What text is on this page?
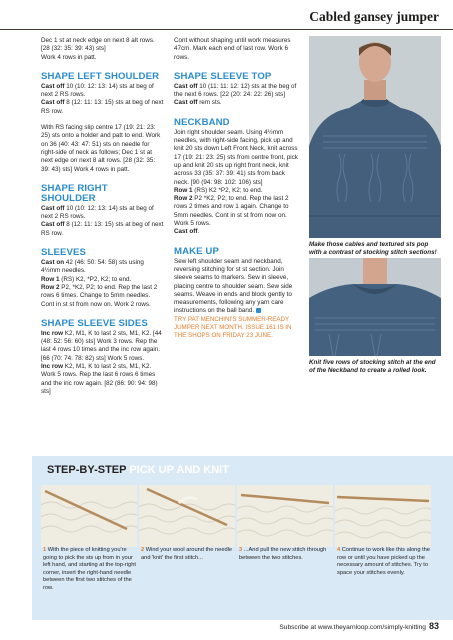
Cabled gansey jumper

Dec 1 st at neck edge on next 8 alt rows. [28 (32: 35: 39: 43) sts]

Work 4 rows in patt.

SHAPE LEFT SHOULDER

Cast off 10 (10: 12: 13: 14) sts at beg of next 2 RS rows.

Cast off 8 (12: 11: 13: 15) sts at beg of next RS row.

With RS facing slip centre 17 (19: 21: 23: 25) sts onto a holder and patt to end. Work on 36 (40: 43: 47: 51) sts on needle for right-side of neck as follows; Dec 1 st at next edge on next 8 alt rows. [28 (32: 35: 39: 43) sts] Work 4 rows in patt.

SHAPE RIGHT SHOULDER

Cast off 10 (10: 12: 13: 14) sts at beg of next 2 RS rows.

Cast off 8 (12: 11: 13: 15) sts at beg of next RS row.

SLEEVES

Cast on 42 (46: 50: 54: 58) sts using 4½mm needles.

Row 1 (RS) K2, *P2, K2; to end.

Row 2 P2, *K2, P2; to end. Rep the last 2 rows 6 times. Change to 5mm needles. Cont in st st from now on. Work 2 rows.

SHAPE SLEEVE SIDES

Inc row K2, M1, K to last 2 sts, M1, K2. [44 (48: 52: 56: 60) sts] Work 3 rows. Rep the last 4 rows 10 times and the inc row again. [66 (70: 74: 78: 82) sts] Work 5 rows.

Inc row K2, M1, K to last 2 sts, M1, K2. Work 5 rows. Rep the last 6 rows 6 times and the inc row again. [82 (86: 90: 94: 98) sts]

Cont without shaping until work measures 47cm. Mark each end of last row. Work 6 rows.

SHAPE SLEEVE TOP

Cast off 10 (11: 11: 12: 12) sts at the beg of the next 6 rows. [22 (20: 24: 22: 26) sts]

Cast off rem sts.

NECKBAND

Join right shoulder seam. Using 4½mm needles, with right-side facing, pick up and knit 20 sts down Left Front Neck, knit across 17 (19: 21: 23: 25) sts from centre front, pick up and knit 20 sts up right front neck, knit across 33 (35: 37: 39: 41) sts from back neck. [90 (94: 98: 102: 106) sts]

Row 1 (RS) K2 *P2, K2; to end.

Row 2 P2 *K2, P2; to end. Rep the last 2 rows 2 times and row 1 again. Change to 5mm needles. Cont in st st from now on. Work 5 rows.

Cast off.

MAKE UP

Sew left shoulder seam and neckband, reversing stitching for st st section. Join sleeve seams to markers. Sew in sleeve, placing centre to shoulder seam. Sew side seams. Weave in ends and block gently to measurements, following any yarn care instructions on the ball band.

TRY PAT MENCHINI'S SUMMER-READY JUMPER NEXT MONTH. ISSUE 161 IS IN THE SHOPS ON FRIDAY 23 JUNE.

Make those cables and textured sts pop with a contrast of stocking stitch sections!
Knit five rows of stocking stitch at the end of the Neckband to create a rolled look.
STEP-BY-STEP PICK UP AND KNIT
1 With the piece of knitting you're going to pick the sts up from in your left hand, and starting at the top-right corner, insert the right-hand needle between the first two stitches of the row.
2 Wind your wool around the needle and 'knit' the first stitch...
3 ...And pull the new stitch through between the two stitches.
4 Continue to work like this along the row or until you have picked up the necessary amount of stitches. Try to space your stitches evenly.
Subscribe at www.theyarnloop.com/simply-knitting 83
